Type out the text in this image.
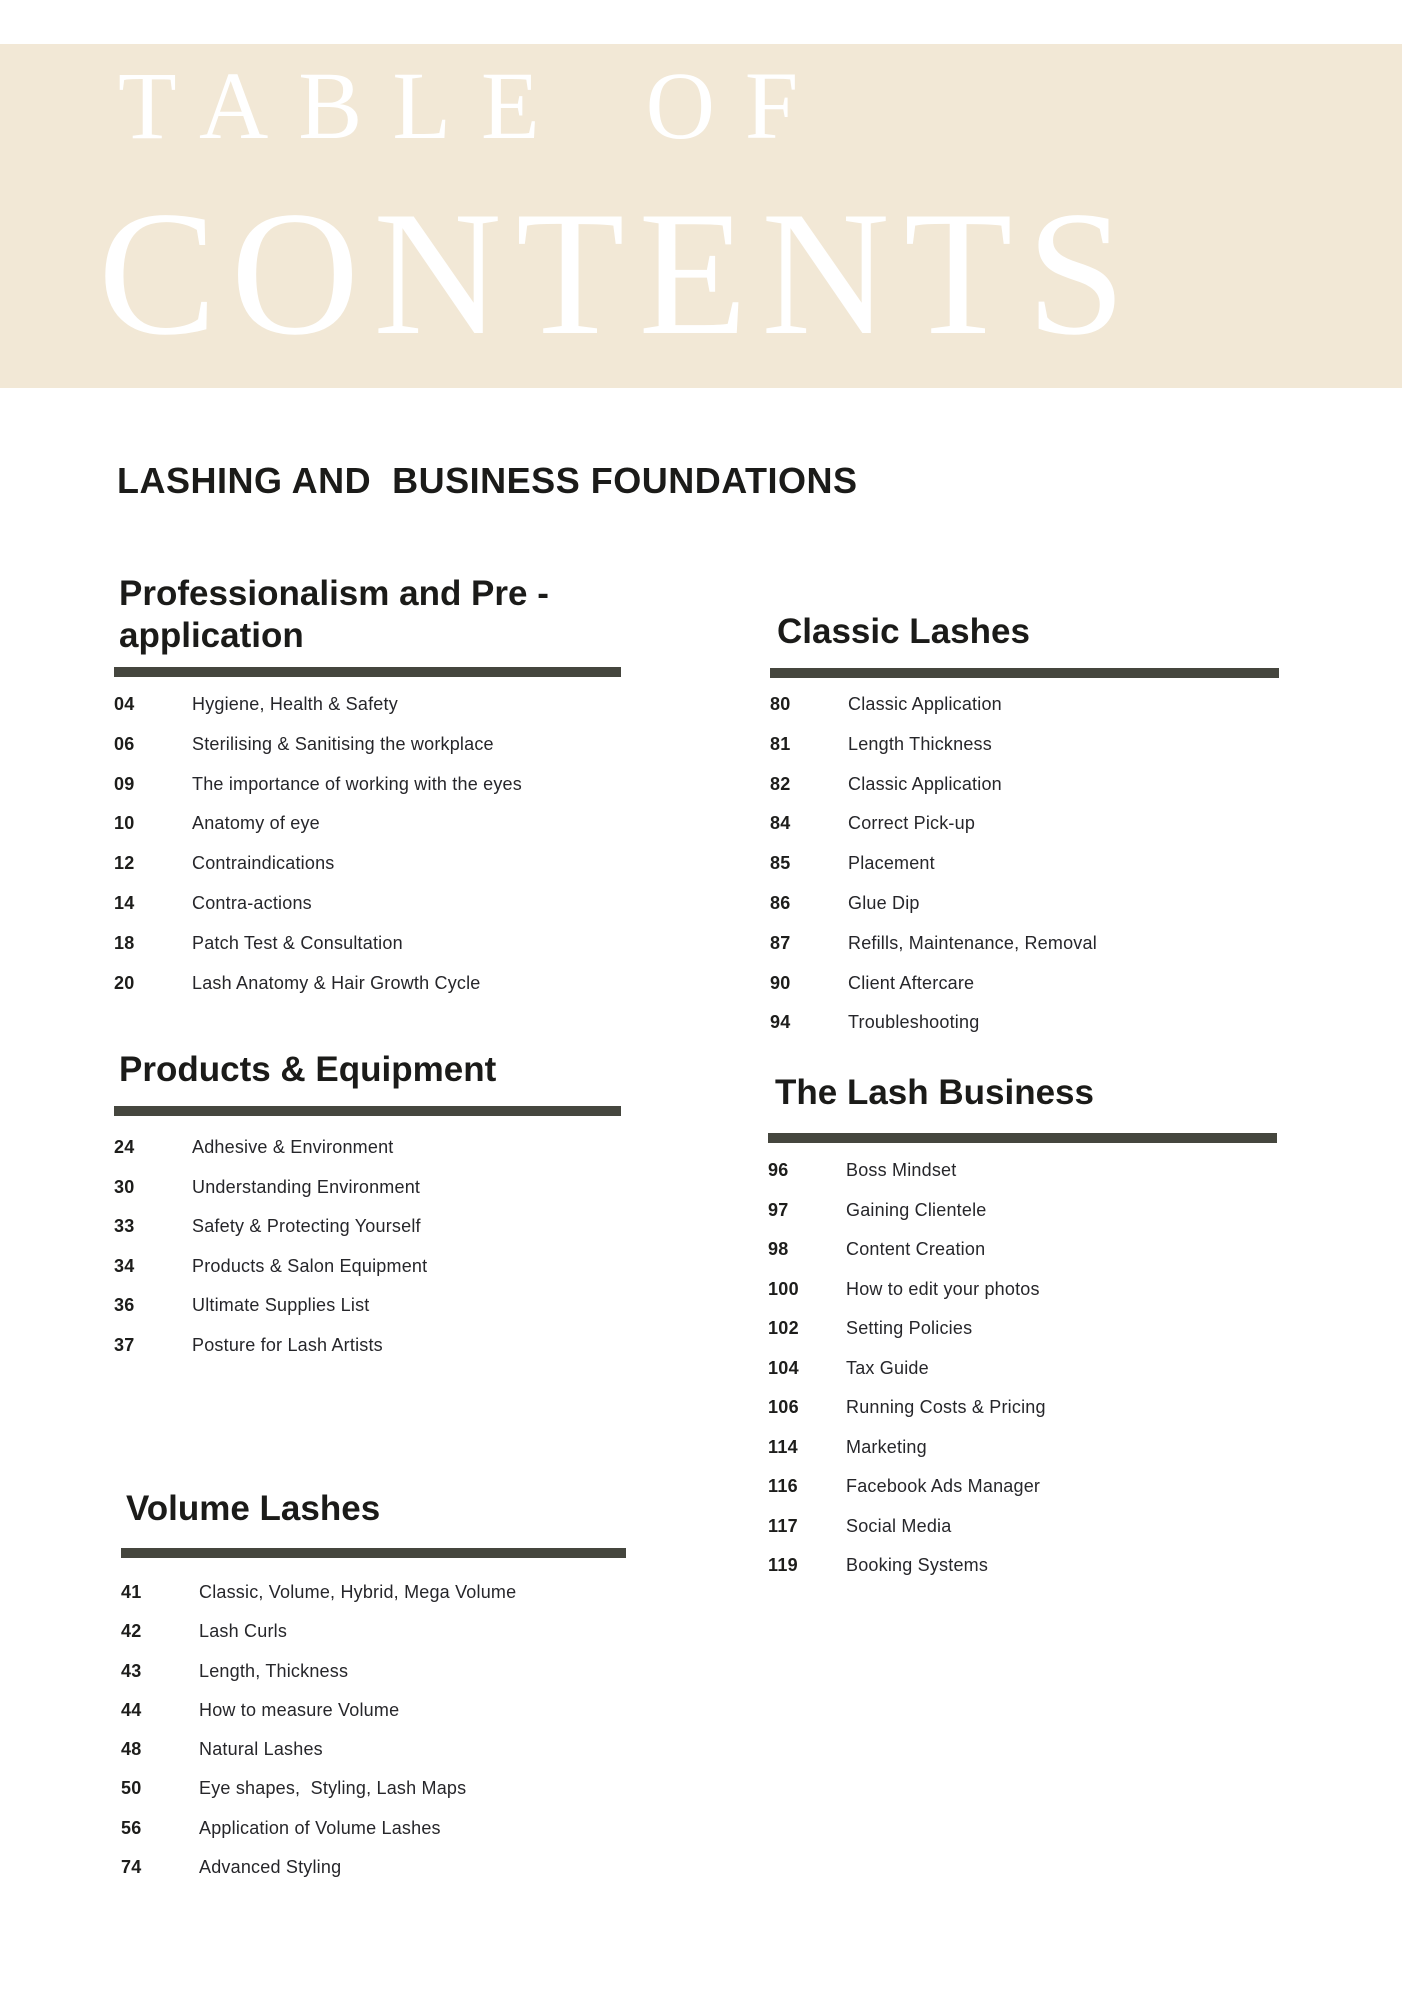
TABLE OF
CONTENTS
LASHING AND  BUSINESS FOUNDATIONS
Professionalism and Pre - application
04	Hygiene, Health & Safety
06	Sterilising & Sanitising the workplace
09	The importance of working with the eyes
10	Anatomy of eye
12	Contraindications
14	Contra-actions
18	Patch Test & Consultation
20	Lash Anatomy & Hair Growth Cycle
Products & Equipment
24	Adhesive & Environment
30	Understanding Environment
33	Safety & Protecting Yourself
34	Products & Salon Equipment
36	Ultimate Supplies List
37	Posture for Lash Artists
Volume Lashes
41	Classic, Volume, Hybrid, Mega Volume
42	Lash Curls
43	Length, Thickness
44	How to measure Volume
48	Natural Lashes
50	Eye shapes,  Styling, Lash Maps
56	Application of Volume Lashes
74	Advanced Styling
Classic Lashes
80	Classic Application
81	Length Thickness
82	Classic Application
84	Correct Pick-up
85	Placement
86	Glue Dip
87	Refills, Maintenance, Removal
90	Client Aftercare
94	Troubleshooting
The Lash Business
96	Boss Mindset
97	Gaining Clientele
98	Content Creation
100	How to edit your photos
102	Setting Policies
104	Tax Guide
106	Running Costs & Pricing
114	Marketing
116	Facebook Ads Manager
117	Social Media
119	Booking Systems
